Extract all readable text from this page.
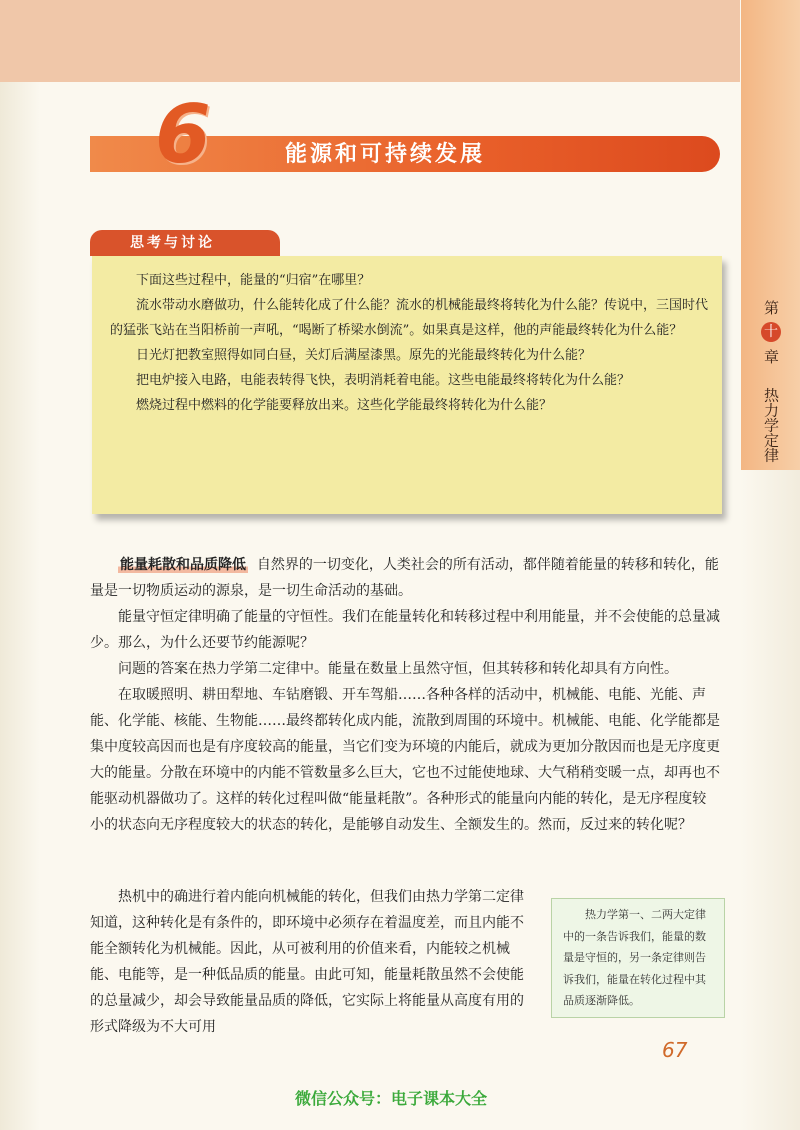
第 十 章  热力学定律
6	能源和可持续发展
思考与讨论

下面这些过程中，能量的“归宿”在哪里？

流水带动水磨做功，什么能转化成了什么能？流水的机械能最终将转化为什么能？传说中，三国时代的猛张飞站在当阳桥前一声吼，“喝断了桥梁水倒流”。如果真是这样，他的声能最终转化为什么能？

日光灯把教室照得如同白昼，关灯后满屋漆黑。原先的光能最终转化为什么能？

把电炉接入电路，电能表转得飞快，表明消耗着电能。这些电能最终将转化为什么能？

燃烧过程中燃料的化学能要释放出来。这些化学能最终将转化为什么能？

能量耗散和品质降低 自然界的一切变化，人类社会的所有活动，都伴随着能量的转移和转化，能量是一切物质运动的源泉，是一切生命活动的基础。

能量守恒定律明确了能量的守恒性。我们在能量转化和转移过程中利用能量，并不会使能的总量减少。那么，为什么还要节约能源呢？

问题的答案在热力学第二定律中。能量在数量上虽然守恒，但其转移和转化却具有方向性。

在取暖照明、耕田犁地、车钻磨锻、开车驾船……各种各样的活动中，机械能、电能、光能、声能、化学能、核能、生物能……最终都转化成内能，流散到周围的环境中。机械能、电能、化学能都是集中度较高因而也是有序度较高的能量，当它们变为环境的内能后，就成为更加分散因而也是无序度更大的能量。分散在环境中的内能不管数量多么巨大，它也不过能使地球、大气稍稍变暖一点，却再也不能驱动机器做功了。这样的转化过程叫做“能量耗散”。各种形式的能量向内能的转化，是无序程度较小的状态向无序程度较大的状态的转化，是能够自动发生、全额发生的。然而，反过来的转化呢？

热机中的确进行着内能向机械能的转化，但我们由热力学第二定律知道，这种转化是有条件的，即环境中必须存在着温度差，而且内能不能全额转化为机械能。因此，从可被利用的价值来看，内能较之机械能、电能等，是一种低品质的能量。由此可知，能量耗散虽然不会使能的总量减少，却会导致能量品质的降低，它实际上将能量从高度有用的形式降级为不大可用

热力学第一、二两大定律中的一条告诉我们，能量的数量是守恒的，另一条定律则告诉我们，能量在转化过程中其品质逐渐降低。
67
微信公众号：电子课本大全
